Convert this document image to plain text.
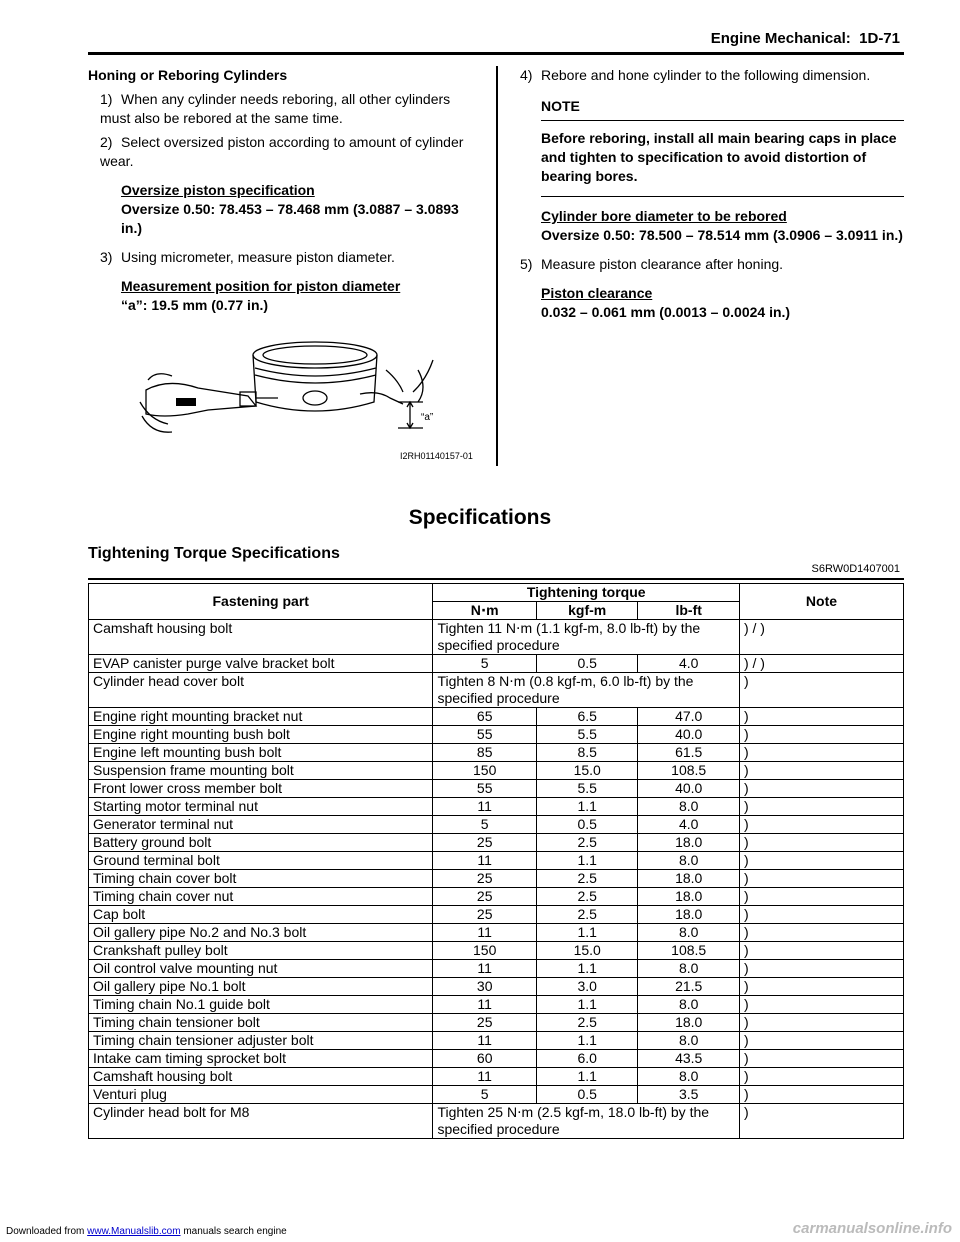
Engine Mechanical: 1D-71
Honing or Reboring Cylinders
1) When any cylinder needs reboring, all other cylinders must also be rebored at the same time.
2) Select oversized piston according to amount of cylinder wear.
Oversize piston specification
Oversize 0.50: 78.453 – 78.468 mm (3.0887 – 3.0893 in.)
3) Using micrometer, measure piston diameter.
Measurement position for piston diameter
“a”: 19.5 mm (0.77 in.)
“a”
I2RH01140157-01
4) Rebore and hone cylinder to the following dimension.
NOTE
Before reboring, install all main bearing caps in place and tighten to specification to avoid distortion of bearing bores.
Cylinder bore diameter to be rebored
Oversize 0.50: 78.500 – 78.514 mm (3.0906 – 3.0911 in.)
5) Measure piston clearance after honing.
Piston clearance
0.032 – 0.061 mm (0.0013 – 0.0024 in.)
Specifications
Tightening Torque Specifications
S6RW0D1407001
Fastening part	Tightening torque			Note
	N⋅m	kgf-m	lb-ft	
Camshaft housing bolt	Tighten 11 N⋅m (1.1 kgf-m, 8.0 lb-ft) by the specified procedure			) / )
EVAP canister purge valve bracket bolt	5	0.5	4.0	) / )
Cylinder head cover bolt	Tighten 8 N⋅m (0.8 kgf-m, 6.0 lb-ft) by the specified procedure			)
Engine right mounting bracket nut	65	6.5	47.0	)
Engine right mounting bush bolt	55	5.5	40.0	)
Engine left mounting bush bolt	85	8.5	61.5	)
Suspension frame mounting bolt	150	15.0	108.5	)
Front lower cross member bolt	55	5.5	40.0	)
Starting motor terminal nut	11	1.1	8.0	)
Generator terminal nut	5	0.5	4.0	)
Battery ground bolt	25	2.5	18.0	)
Ground terminal bolt	11	1.1	8.0	)
Timing chain cover bolt	25	2.5	18.0	)
Timing chain cover nut	25	2.5	18.0	)
Cap bolt	25	2.5	18.0	)
Oil gallery pipe No.2 and No.3 bolt	11	1.1	8.0	)
Crankshaft pulley bolt	150	15.0	108.5	)
Oil control valve mounting nut	11	1.1	8.0	)
Oil gallery pipe No.1 bolt	30	3.0	21.5	)
Timing chain No.1 guide bolt	11	1.1	8.0	)
Timing chain tensioner bolt	25	2.5	18.0	)
Timing chain tensioner adjuster bolt	11	1.1	8.0	)
Intake cam timing sprocket bolt	60	6.0	43.5	)
Camshaft housing bolt	11	1.1	8.0	)
Venturi plug	5	0.5	3.5	)
Cylinder head bolt for M8	Tighten 25 N⋅m (2.5 kgf-m, 18.0 lb-ft) by the specified procedure			)
Downloaded from www.Manualslib.com manuals search engine	carmanualsonline.info
